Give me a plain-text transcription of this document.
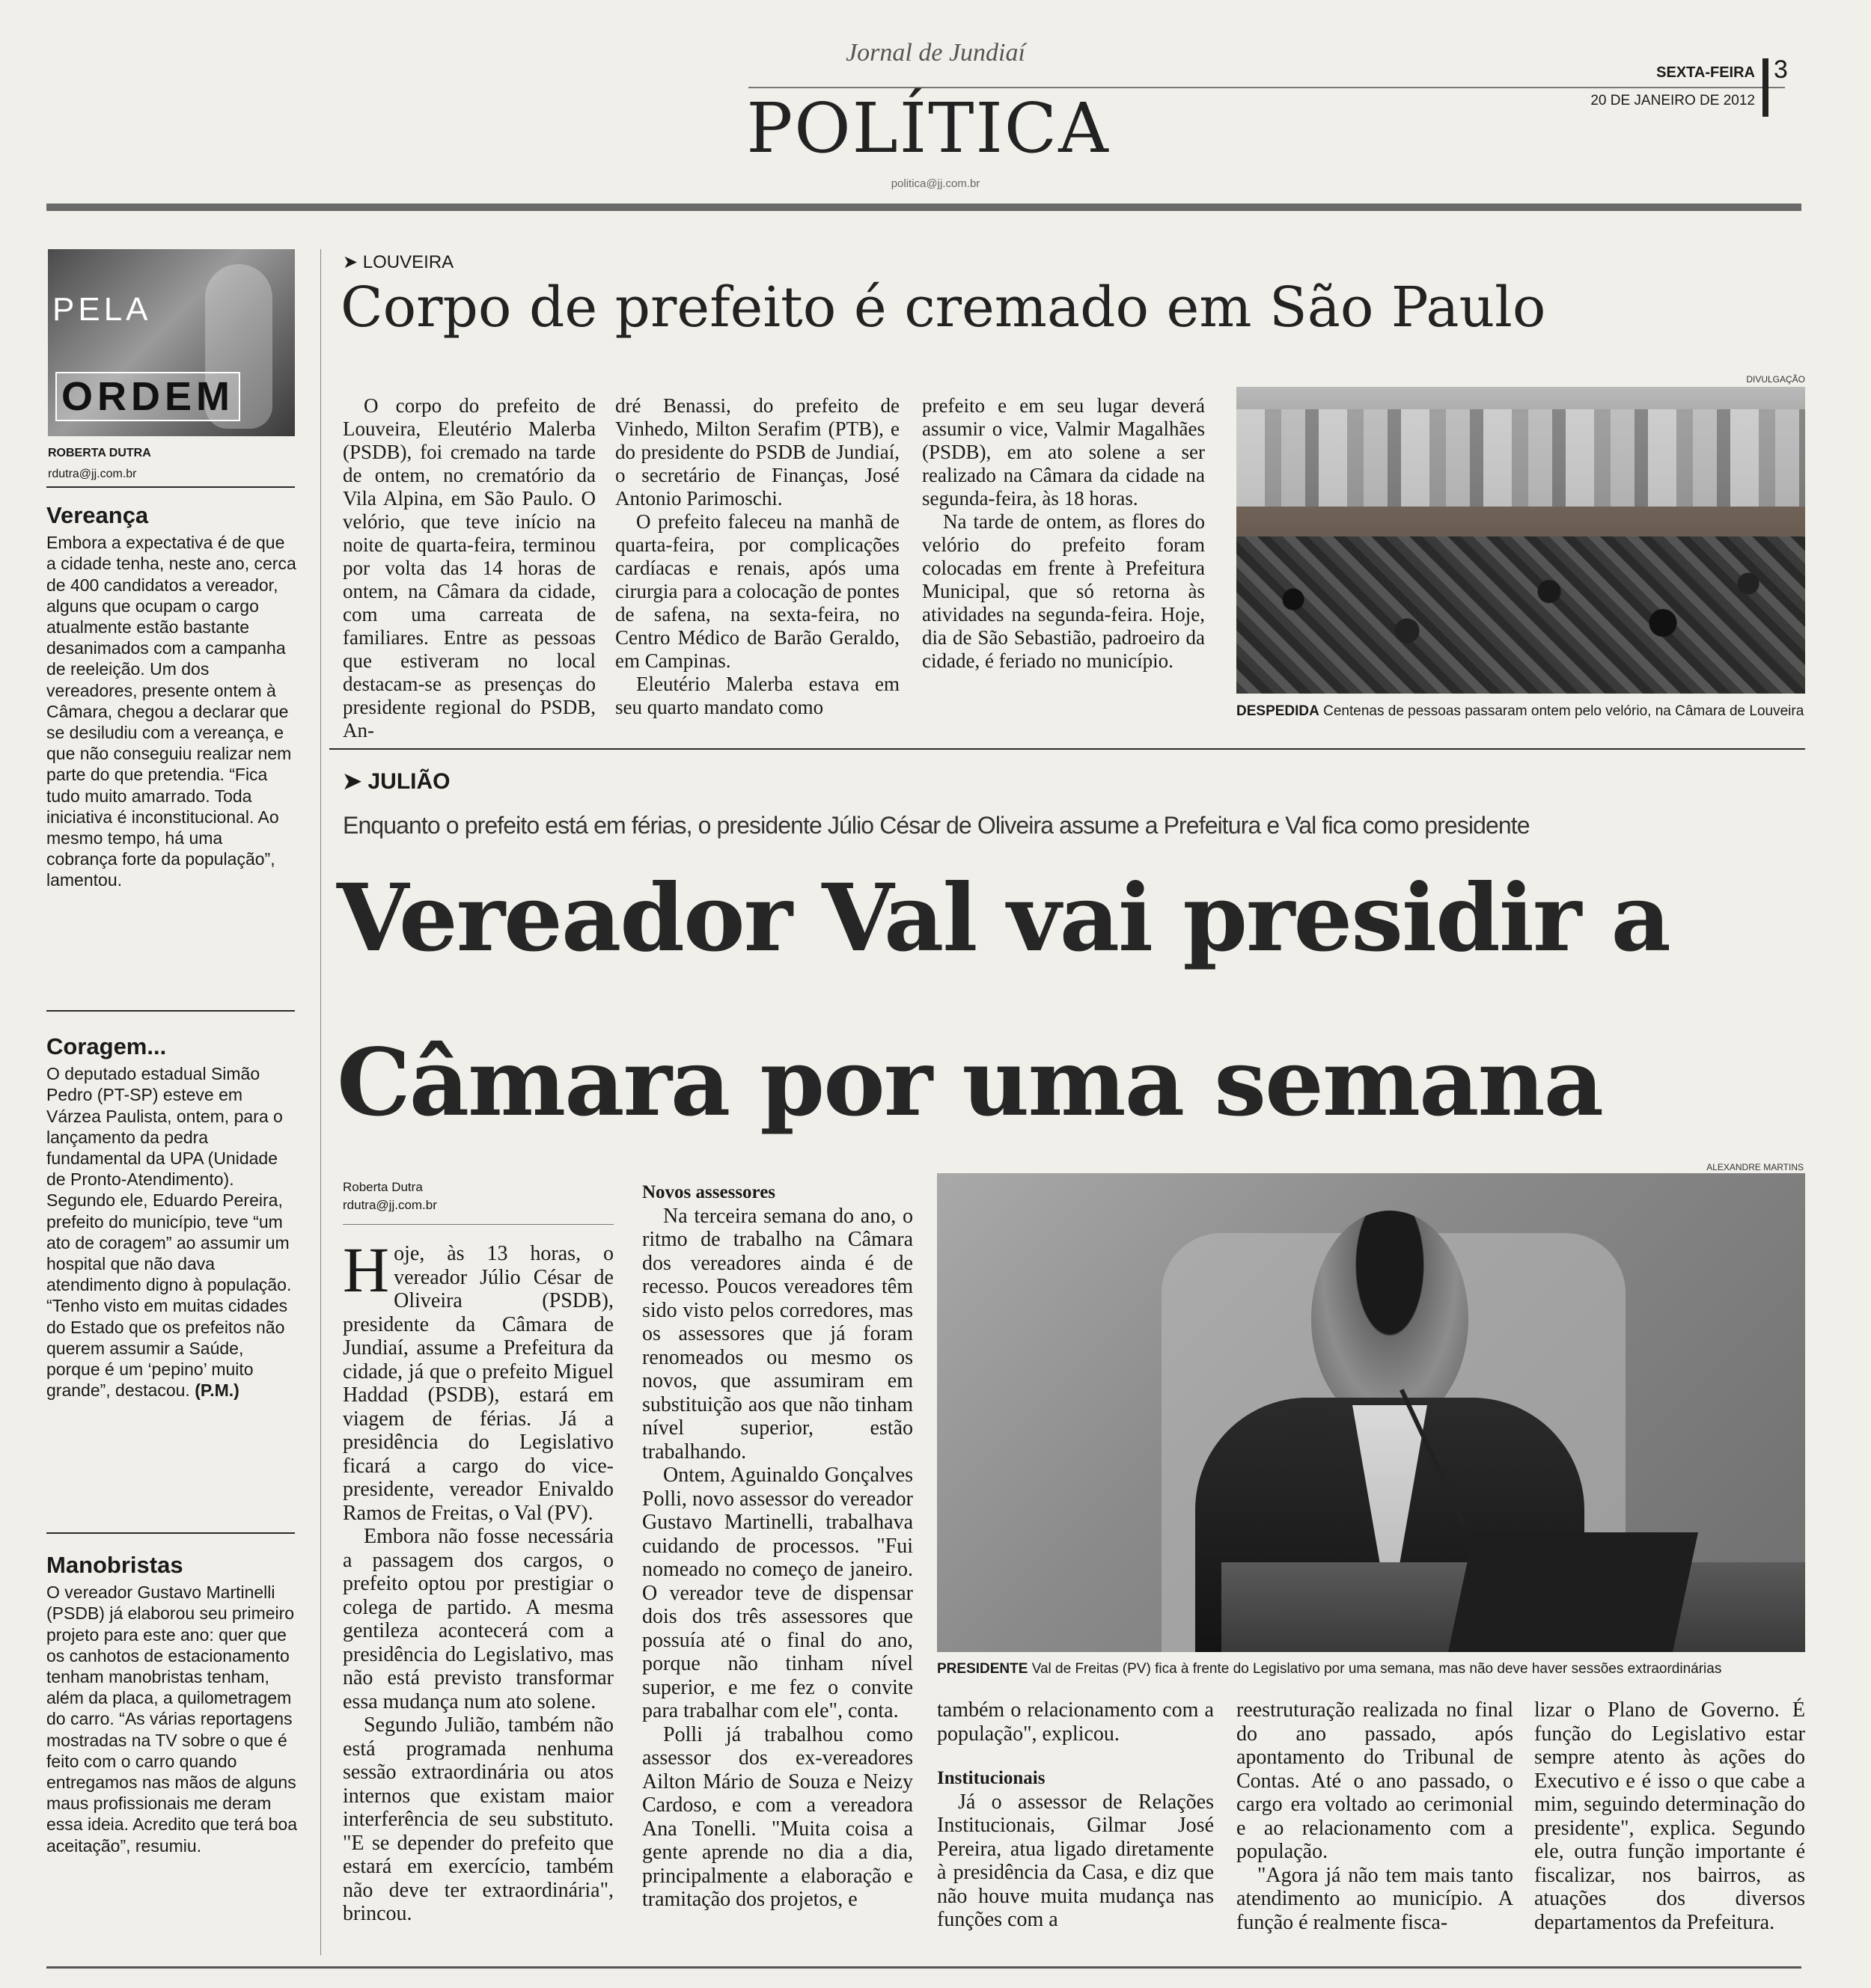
Jornal de Jundiaí
POLÍTICA
politica@jj.com.br
SEXTA-FEIRA 3
20 DE JANEIRO DE 2012
PELA
ORDEM
ROBERTA DUTRA
rdutra@jj.com.br
Vereança

Embora a expectativa é de que a cidade tenha, neste ano, cerca de 400 candidatos a vereador, alguns que ocupam o cargo atualmente estão bastante desanimados com a campanha de reeleição. Um dos vereadores, presente ontem à Câmara, chegou a declarar que se desiludiu com a vereança, e que não conseguiu realizar nem parte do que pretendia. “Fica tudo muito amarrado. Toda iniciativa é inconstitucional. Ao mesmo tempo, há uma cobrança forte da população”, lamentou.

Coragem...

O deputado estadual Simão Pedro (PT-SP) esteve em Várzea Paulista, ontem, para o lançamento da pedra fundamental da UPA (Unidade de Pronto-Atendimento). Segundo ele, Eduardo Pereira, prefeito do município, teve “um ato de coragem” ao assumir um hospital que não dava atendimento digno à população. “Tenho visto em muitas cidades do Estado que os prefeitos não querem assumir a Saúde, porque é um ‘pepino’ muito grande”, destacou. (P.M.)

Manobristas

O vereador Gustavo Martinelli (PSDB) já elaborou seu primeiro projeto para este ano: quer que os canhotos de estacionamento tenham manobristas tenham, além da placa, a quilometragem do carro. “As várias reportagens mostradas na TV sobre o que é feito com o carro quando entregamos nas mãos de alguns maus profissionais me deram essa ideia. Acredito que terá boa aceitação”, resumiu.

➤ LOUVEIRA
Corpo de prefeito é cremado em São Paulo

O corpo do prefeito de Louveira, Eleutério Malerba (PSDB), foi cremado na tarde de ontem, no crematório da Vila Alpina, em São Paulo. O velório, que teve início na noite de quarta-feira, terminou por volta das 14 horas de ontem, na Câmara da cidade, com uma carreata de familiares. Entre as pessoas que estiveram no local destacam-se as presenças do presidente regional do PSDB, An-

dré Benassi, do prefeito de Vinhedo, Milton Serafim (PTB), e do presidente do PSDB de Jundiaí, o secretário de Finanças, José Antonio Parimoschi.

O prefeito faleceu na manhã de quarta-feira, por complicações cardíacas e renais, após uma cirurgia para a colocação de pontes de safena, na sexta-feira, no Centro Médico de Barão Geraldo, em Campinas.

Eleutério Malerba estava em seu quarto mandato como

prefeito e em seu lugar deverá assumir o vice, Valmir Magalhães (PSDB), em ato solene a ser realizado na Câmara da cidade na segunda-feira, às 18 horas.

Na tarde de ontem, as flores do velório do prefeito foram colocadas em frente à Prefeitura Municipal, que só retorna às atividades na segunda-feira. Hoje, dia de São Sebastião, padroeiro da cidade, é feriado no município.

DIVULGAÇÃO
DESPEDIDA Centenas de pessoas passaram ontem pelo velório, na Câmara de Louveira
➤ JULIÃO
Enquanto o prefeito está em férias, o presidente Júlio César de Oliveira assume a Prefeitura e Val fica como presidente
Vereador Val vai presidir a
Câmara por uma semana
Roberta Dutra
rdutra@jj.com.br

Hoje, às 13 horas, o vereador Júlio César de Oliveira (PSDB), presidente da Câmara de Jundiaí, assume a Prefeitura da cidade, já que o prefeito Miguel Haddad (PSDB), estará em viagem de férias. Já a presidência do Legislativo ficará a cargo do vice-presidente, vereador Enivaldo Ramos de Freitas, o Val (PV).

Embora não fosse necessária a passagem dos cargos, o prefeito optou por prestigiar o colega de partido. A mesma gentileza acontecerá com a presidência do Legislativo, mas não está previsto transformar essa mudança num ato solene.

Segundo Julião, também não está programada nenhuma sessão extraordinária ou atos internos que existam maior interferência de seu substituto. "E se depender do prefeito que estará em exercício, também não deve ter extraordinária", brincou.

Novos assessores

Na terceira semana do ano, o ritmo de trabalho na Câmara dos vereadores ainda é de recesso. Poucos vereadores têm sido visto pelos corredores, mas os assessores que já foram renomeados ou mesmo os novos, que assumiram em substituição aos que não tinham nível superior, estão trabalhando.

Ontem, Aguinaldo Gonçalves Polli, novo assessor do vereador Gustavo Martinelli, trabalhava cuidando de processos. "Fui nomeado no começo de janeiro. O vereador teve de dispensar dois dos três assessores que possuía até o final do ano, porque não tinham nível superior, e me fez o convite para trabalhar com ele", conta.

Polli já trabalhou como assessor dos ex-vereadores Ailton Mário de Souza e Neizy Cardoso, e com a vereadora Ana Tonelli. "Muita coisa a gente aprende no dia a dia, principalmente a elaboração e tramitação dos projetos, e

ALEXANDRE MARTINS
PRESIDENTE Val de Freitas (PV) fica à frente do Legislativo por uma semana, mas não deve haver sessões extraordinárias

também o relacionamento com a população", explicou.

Institucionais

Já o assessor de Relações Institucionais, Gilmar José Pereira, atua ligado diretamente à presidência da Casa, e diz que não houve muita mudança nas funções com a

reestruturação realizada no final do ano passado, após apontamento do Tribunal de Contas. Até o ano passado, o cargo era voltado ao cerimonial e ao relacionamento com a população.

"Agora já não tem mais tanto atendimento ao município. A função é realmente fisca-

lizar o Plano de Governo. É função do Legislativo estar sempre atento às ações do Executivo e é isso o que cabe a mim, seguindo determinação do presidente", explica. Segundo ele, outra função importante é fiscalizar, nos bairros, as atuações dos diversos departamentos da Prefeitura.
